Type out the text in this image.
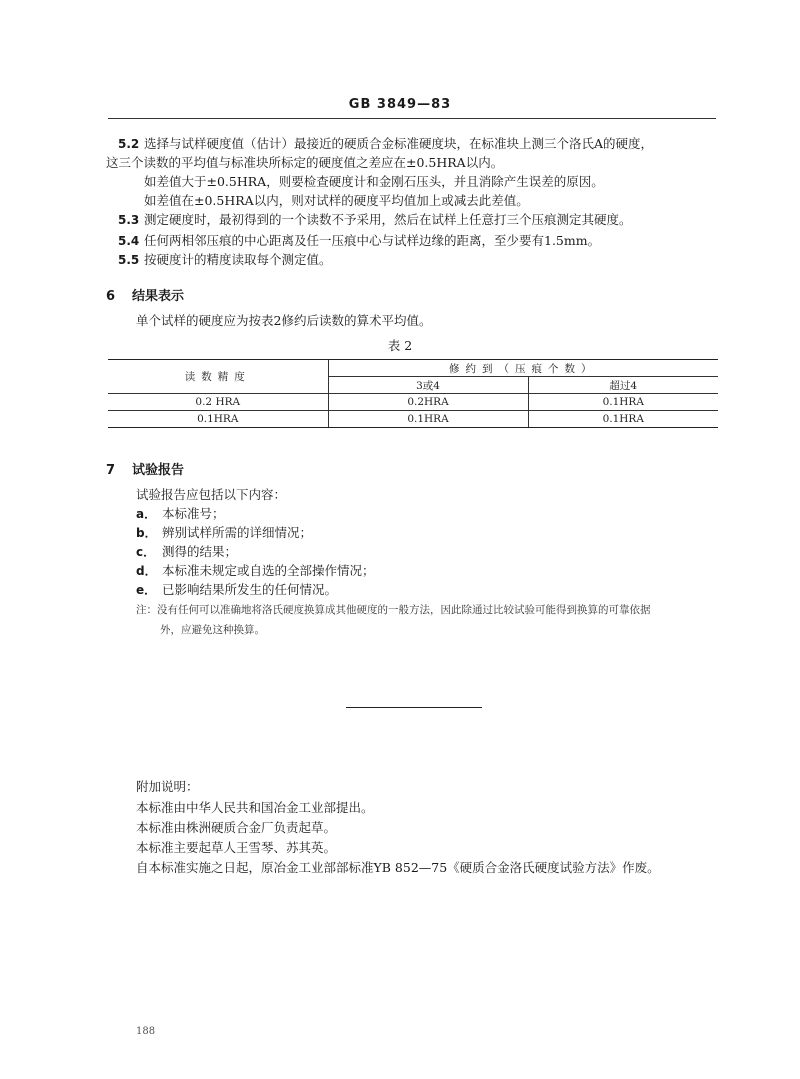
GB 3849—83
5.2 选择与试样硬度值（估计）最接近的硬质合金标准硬度块，在标准块上测三个洛氏A的硬度，
这三个读数的平均值与标准块所标定的硬度值之差应在±0.5HRA以内。
如差值大于±0.5HRA，则要检查硬度计和金刚石压头，并且消除产生误差的原因。
如差值在±0.5HRA以内，则对试样的硬度平均值加上或减去此差值。
5.3 测定硬度时，最初得到的一个读数不予采用，然后在试样上任意打三个压痕测定其硬度。
5.4 任何两相邻压痕的中心距离及任一压痕中心与试样边缘的距离，至少要有1.5mm。
5.5 按硬度计的精度读取每个测定值。
6 结果表示
单个试样的硬度应为按表2修约后读数的算术平均值。
表 2
读数精度	修约到（压痕个数）	
	3或4	超过4
0.2 HRA	0.2HRA	0.1HRA
0.1HRA	0.1HRA	0.1HRA
7 试验报告
试验报告应包括以下内容：
a． 本标准号；
b． 辨别试样所需的详细情况；
c． 测得的结果；
d． 本标准未规定或自选的全部操作情况；
e． 已影响结果所发生的任何情况。
注：没有任何可以准确地将洛氏硬度换算成其他硬度的一般方法，因此除通过比较试验可能得到换算的可靠依据
外，应避免这种换算。
附加说明：
本标准由中华人民共和国冶金工业部提出。
本标准由株洲硬质合金厂负责起草。
本标准主要起草人王雪琴、苏其英。
自本标准实施之日起，原冶金工业部部标准YB 852—75《硬质合金洛氏硬度试验方法》作废。
188
